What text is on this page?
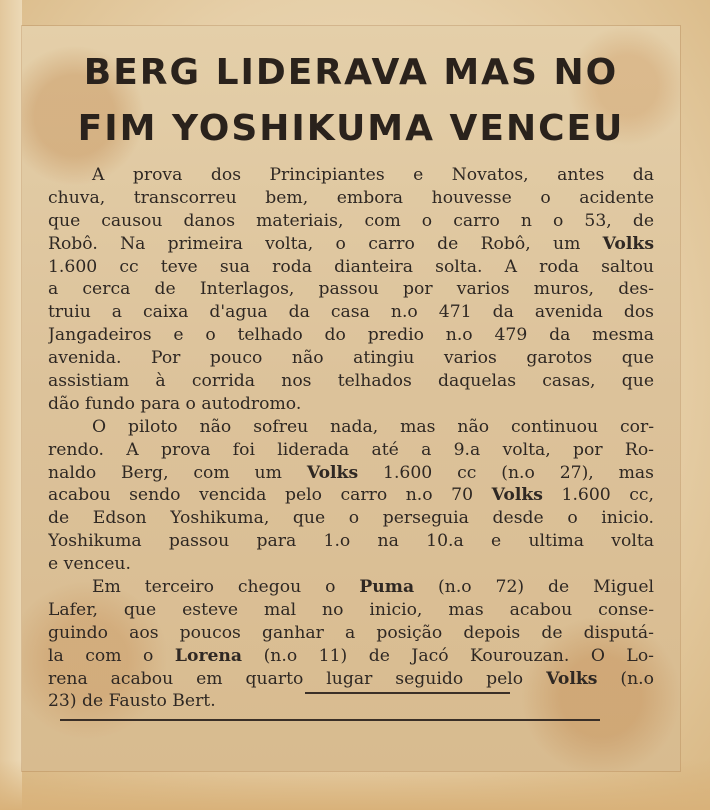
BERG LIDERAVA MAS NO
FIM YOSHIKUMA VENCEU
A prova dos Principiantes e Novatos, antes da
chuva, transcorreu bem, embora houvesse o acidente
que causou danos materiais, com o carro n o 53, de
Robô. Na primeira volta, o carro de Robô, um Volks
1.600 cc teve sua roda dianteira solta. A roda saltou
a cerca de Interlagos, passou por varios muros, des-
truiu a caixa d'agua da casa n.o 471 da avenida dos
Jangadeiros e o telhado do predio n.o 479 da mesma
avenida. Por pouco não atingiu varios garotos que
assistiam à corrida nos telhados daquelas casas, que
dão fundo para o autodromo.
O piloto não sofreu nada, mas não continuou cor-
rendo. A prova foi liderada até a 9.a volta, por Ro-
naldo Berg, com um Volks 1.600 cc (n.o 27), mas
acabou sendo vencida pelo carro n.o 70 Volks 1.600 cc,
de Edson Yoshikuma, que o perseguia desde o inicio.
Yoshikuma passou para 1.o na 10.a e ultima volta
e venceu.
Em terceiro chegou o Puma (n.o 72) de Miguel
Lafer, que esteve mal no inicio, mas acabou conse-
guindo aos poucos ganhar a posição depois de disputá-
la com o Lorena (n.o 11) de Jacó Kourouzan. O Lo-
rena acabou em quarto lugar seguido pelo Volks (n.o
23) de Fausto Bert.
